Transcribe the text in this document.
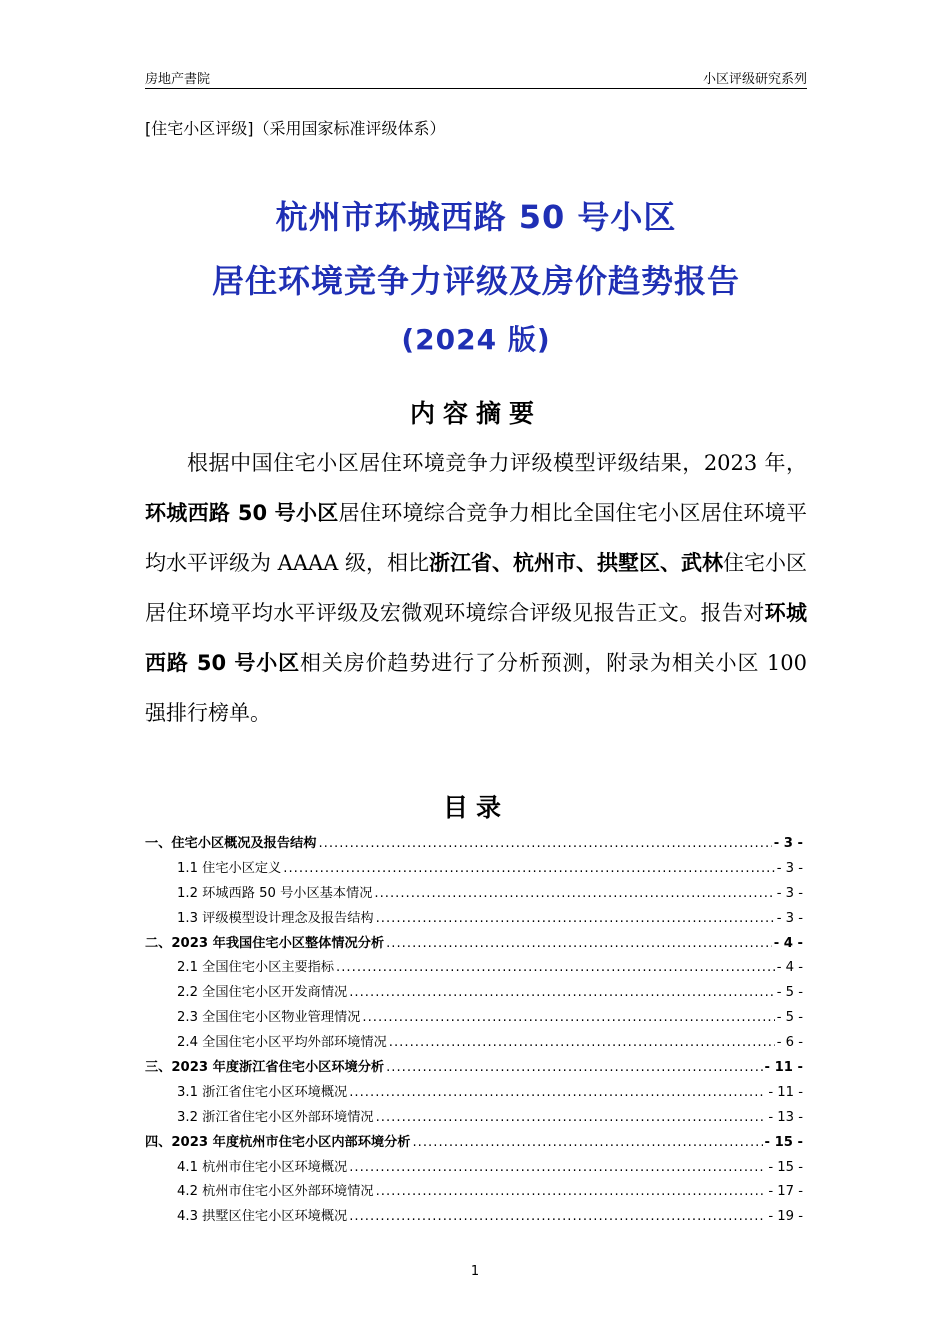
房地产書院	小区评级研究系列
[住宅小区评级]（采用国家标准评级体系）
杭州市环城西路 50 号小区
居住环境竞争力评级及房价趋势报告
(2024 版)
内容摘要

根据中国住宅小区居住环境竞争力评级模型评级结果，2023 年，环城西路 50 号小区居住环境综合竞争力相比全国住宅小区居住环境平均水平评级为 AAAA 级，相比浙江省、杭州市、拱墅区、武林住宅小区居住环境平均水平评级及宏微观环境综合评级见报告正文。报告对环城西路 50 号小区相关房价趋势进行了分析预测，附录为相关小区 100 强排行榜单。

目录
一、住宅小区概况及报告结构 .....	- 3 -
1.1 住宅小区定义 .....	- 3 -
1.2 环城西路 50 号小区基本情况 .....	- 3 -
1.3 评级模型设计理念及报告结构 .....	- 3 -
二、2023 年我国住宅小区整体情况分析 .....	- 4 -
2.1 全国住宅小区主要指标 .....	- 4 -
2.2 全国住宅小区开发商情况 .....	- 5 -
2.3 全国住宅小区物业管理情况 .....	- 5 -
2.4 全国住宅小区平均外部环境情况 .....	- 6 -
三、2023 年度浙江省住宅小区环境分析 .....	- 11 -
3.1 浙江省住宅小区环境概况 .....	- 11 -
3.2 浙江省住宅小区外部环境情况 .....	- 13 -
四、2023 年度杭州市住宅小区内部环境分析 .....	- 15 -
4.1 杭州市住宅小区环境概况 .....	- 15 -
4.2 杭州市住宅小区外部环境情况 .....	- 17 -
4.3 拱墅区住宅小区环境概况 .....	- 19 -
1
